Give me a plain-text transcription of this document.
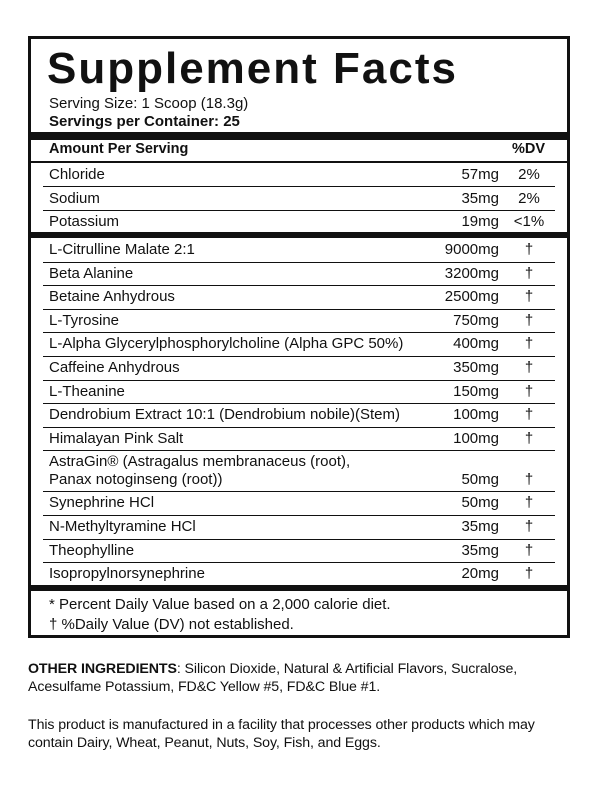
Supplement Facts
Serving Size: 1 Scoop (18.3g)
Servings per Container: 25
Amount Per Serving	%DV
* Percent Daily Value based on a 2,000 calorie diet.
† %Daily Value (DV) not established.
Chloride	57mg	2%
Sodium	35mg	2%
Potassium	19mg <1%
L-Citrulline Malate 2:1	9000mg	†
Beta Alanine	3200mg	†
Betaine Anhydrous	2500mg	†
L-Tyrosine	750mg	†
L-Alpha Glycerylphosphorylcholine (Alpha GPC 50%)	400mg	†
Caffeine Anhydrous	350mg	†
L-Theanine	150mg	†
Dendrobium Extract 10:1 (Dendrobium nobile)(Stem)	100mg	†
Himalayan Pink Salt	100mg	†
AstraGin® (Astragalus membranaceus (root),
Panax notoginseng (root))	50mg	†
Synephrine HCl	50mg	†
N-Methyltyramine HCl	35mg	†
Theophylline	35mg	†
Isopropylnorsynephrine	20mg	†
OTHER INGREDIENTS: Silicon Dioxide, Natural & Artificial Flavors, Sucralose, Acesulfame Potassium, FD&C Yellow #5, FD&C Blue #1.
This product is manufactured in a facility that processes other products which may contain Dairy, Wheat, Peanut, Nuts, Soy, Fish, and Eggs.
